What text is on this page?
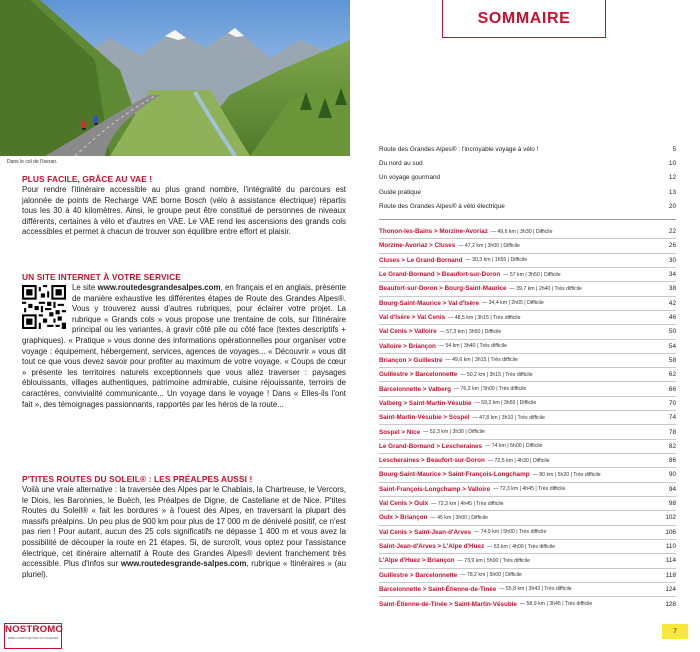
Dans le col de l'Iseran.
PLUS FACILE, GRÂCE AU VAE !

Pour rendre l'itinéraire accessible au plus grand nombre, l'intégralité du parcours est jalonnée de points de Recharge VAE borne Bosch (vélo à assistance électrique) répartis tous les 30 à 40 kilomètres. Ainsi, le groupe peut être constitué de personnes de niveaux différents, certaines à vélo et d'autres en VAE. Le VAE rend les ascensions des grands cols accessibles et permet à chacun de trouver son équilibre entre effort et plaisir.

UN SITE INTERNET À VOTRE SERVICE

Le site www.routedesgrandesalpes.com, en français et en anglais, présente de manière exhaustive les différentes étapes de Route des Grandes Alpes®. Vous y trouverez aussi d'autres rubriques, pour éclairer votre projet. La rubrique « Grands cols » vous propose une trentaine de cols, sur l'itinéraire principal ou les variantes, à gravir côté pile ou côté face (textes descriptifs + graphiques). « Pratique » vous donne des informations opérationnelles pour organiser votre voyage : équipement, hébergement, services, agences de voyages... « Découvrir » vous dit tout ce que vous devez savoir pour profiter au maximum de votre voyage. « Coups de cœur » présente les territoires naturels exceptionnels que vous allez traverser : paysages éblouissants, villages authentiques, patrimoine admirable, cuisine réjouissante, terroirs de caractères, convivialité communicante... Un voyage dans le voyage ! Dans « Elles-ils l'ont fait », des témoignages passionnants, rapportés par les héros de la route...

P'TITES ROUTES DU SOLEIL® : LES PRÉALPES AUSSI !

Voilà une vraie alternative : la traversée des Alpes par le Chablais, la Chartreuse, le Vercors, le Diois, les Baronnies, le Buëch, les Préalpes de Digne, de Castellane et de Nice. P'tites Routes du Soleil® « fait les bordures » à l'ouest des Alpes, en traversant la plupart des massifs préalpins. Un peu plus de 900 km pour plus de 17 000 m de dénivelé positif, ce n'est pas rien ! Pour autant, aucun des 25 cols significatifs ne dépasse 1 400 m et vous avez la possibilité de découper la route en 21 étapes. Si, de surcroît, vous optez pour l'assistance électrique, cet itinéraire alternatif à Route des Grandes Alpes® devient franchement très accessible. Plus d'infos sur www.routedesgrande-salpes.com, rubrique « Itinéraires » (au pluriel).

NOSTROMO
WEB COMPTOIR DES VOYAGEURS
SOMMAIRE
Route des Grandes Alpes® : l'incroyable voyage à vélo !	5
Du nord au sud	10
Un voyage gourmand	12
Guide pratique	13
Route des Grandes Alpes® à vélo électrique	20
Thonon-les-Bains > Morzine-Avoriaz — 49,6 km | 3h30 | Difficile	22
Morzine-Avoriaz > Cluses — 47,2 km | 3h00 | Difficile	26
Cluses > Le Grand-Bornand — 30,3 km | 1h55 | Difficile	30
Le Grand-Bornand > Beaufort-sur-Doron — 57 km | 3h50 | Difficile	34
Beaufort-sur-Doron > Bourg-Saint-Maurice — 39,7 km | 2h40 | Très difficile	38
Bourg-Saint-Maurice > Val d'Isère — 34,4 km | 2h05 | Difficile	42
Val d'Isère > Val Cenis — 48,5 km | 3h15 | Très difficile	46
Val Cenis > Valloire — 57,3 km | 3h50 | Difficile	50
Valloire > Briançon — 54 km | 3h40 | Très difficile	54
Briançon > Guillestre — 49,6 km | 3h15 | Très difficile	58
Guillestre > Barcelonnette — 50,2 km | 3h15 | Très difficile	62
Barcelonnette > Valberg — 76,2 km | 5h00 | Très difficile	66
Valberg > Saint-Martin-Vésubie — 59,2 km | 3h50 | Difficile	70
Saint-Martin-Vésubie > Sospel — 47,8 km | 3h10 | Très difficile	74
Sospel > Nice — 52,3 km | 3h30 | Difficile	78
Le Grand-Bornand > Lescheraines — 74 km | 5h00 | Difficile	82
Lescheraines > Beaufort-sur-Doron — 72,5 km | 4h30 | Difficile	86
Bourg-Saint-Maurice > Saint-François-Longchamp — 80 km | 5h20 | Très difficile	90
Saint-François-Longchamp > Valloire — 72,3 km | 4h45 | Très difficile	94
Val Cenis > Oulx — 72,3 km | 4h45 | Très difficile	98
Oulx > Briançon — 45 km | 3h00 | Difficile	102
Val Cenis > Saint-Jean-d'Arves — 74,9 km | 5h00 | Très difficile	106
Saint-Jean-d'Arves > L'Alpe d'Huez — 63 km | 4h00 | Très difficile	110
L'Alpe d'Huez > Briançon — 73,9 km | 5h00 | Très difficile	114
Guillestre > Barcelonnette — 78,2 km | 5h00 | Difficile	118
Barcelonnette > Saint-Étienne-de-Tinée — 55,8 km | 3h43 | Très difficile	124
Saint-Étienne-de-Tinée > Saint-Martin-Vésubie — 58,9 km | 3h45 | Très difficile	128
7
